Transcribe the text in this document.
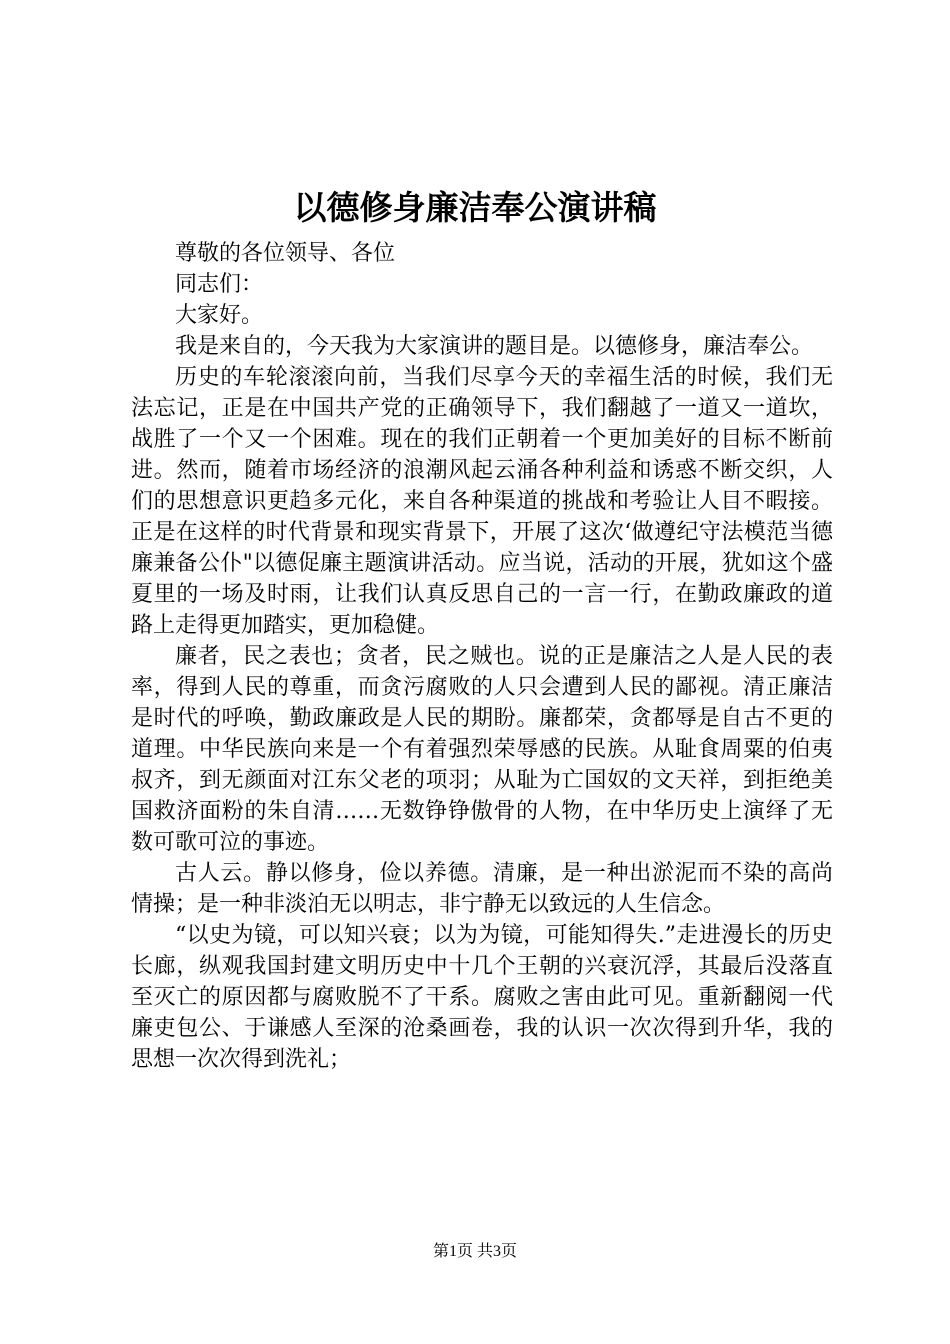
以德修身廉洁奉公演讲稿

尊敬的各位领导、各位

同志们：

大家好。

我是来自的，今天我为大家演讲的题目是。以德修身，廉洁奉公。

历史的车轮滚滚向前，当我们尽享今天的幸福生活的时候，我们无法忘记，正是在中国共产党的正确领导下，我们翻越了一道又一道坎，战胜了一个又一个困难。现在的我们正朝着一个更加美好的目标不断前进。然而，随着市场经济的浪潮风起云涌各种利益和诱惑不断交织，人们的思想意识更趋多元化，来自各种渠道的挑战和考验让人目不暇接。正是在这样的时代背景和现实背景下，开展了这次‘做遵纪守法模范当德廉兼备公仆"以德促廉主题演讲活动。应当说，活动的开展，犹如这个盛夏里的一场及时雨，让我们认真反思自己的一言一行，在勤政廉政的道路上走得更加踏实，更加稳健。

廉者，民之表也；贪者，民之贼也。说的正是廉洁之人是人民的表率，得到人民的尊重，而贪污腐败的人只会遭到人民的鄙视。清正廉洁是时代的呼唤，勤政廉政是人民的期盼。廉都荣，贪都辱是自古不更的道理。中华民族向来是一个有着强烈荣辱感的民族。从耻食周粟的伯夷叔齐，到无颜面对江东父老的项羽；从耻为亡国奴的文天祥，到拒绝美国救济面粉的朱自清……无数铮铮傲骨的人物，在中华历史上演绎了无数可歌可泣的事迹。

古人云。静以修身，俭以养德。清廉，是一种出淤泥而不染的高尚情操；是一种非淡泊无以明志，非宁静无以致远的人生信念。

“以史为镜，可以知兴衰；以为为镜，可能知得失.”走进漫长的历史长廊，纵观我国封建文明历史中十几个王朝的兴衰沉浮，其最后没落直至灭亡的原因都与腐败脱不了干系。腐败之害由此可见。重新翻阅一代廉吏包公、于谦感人至深的沧桑画卷，我的认识一次次得到升华，我的思想一次次得到洗礼；

第1页 共3页
